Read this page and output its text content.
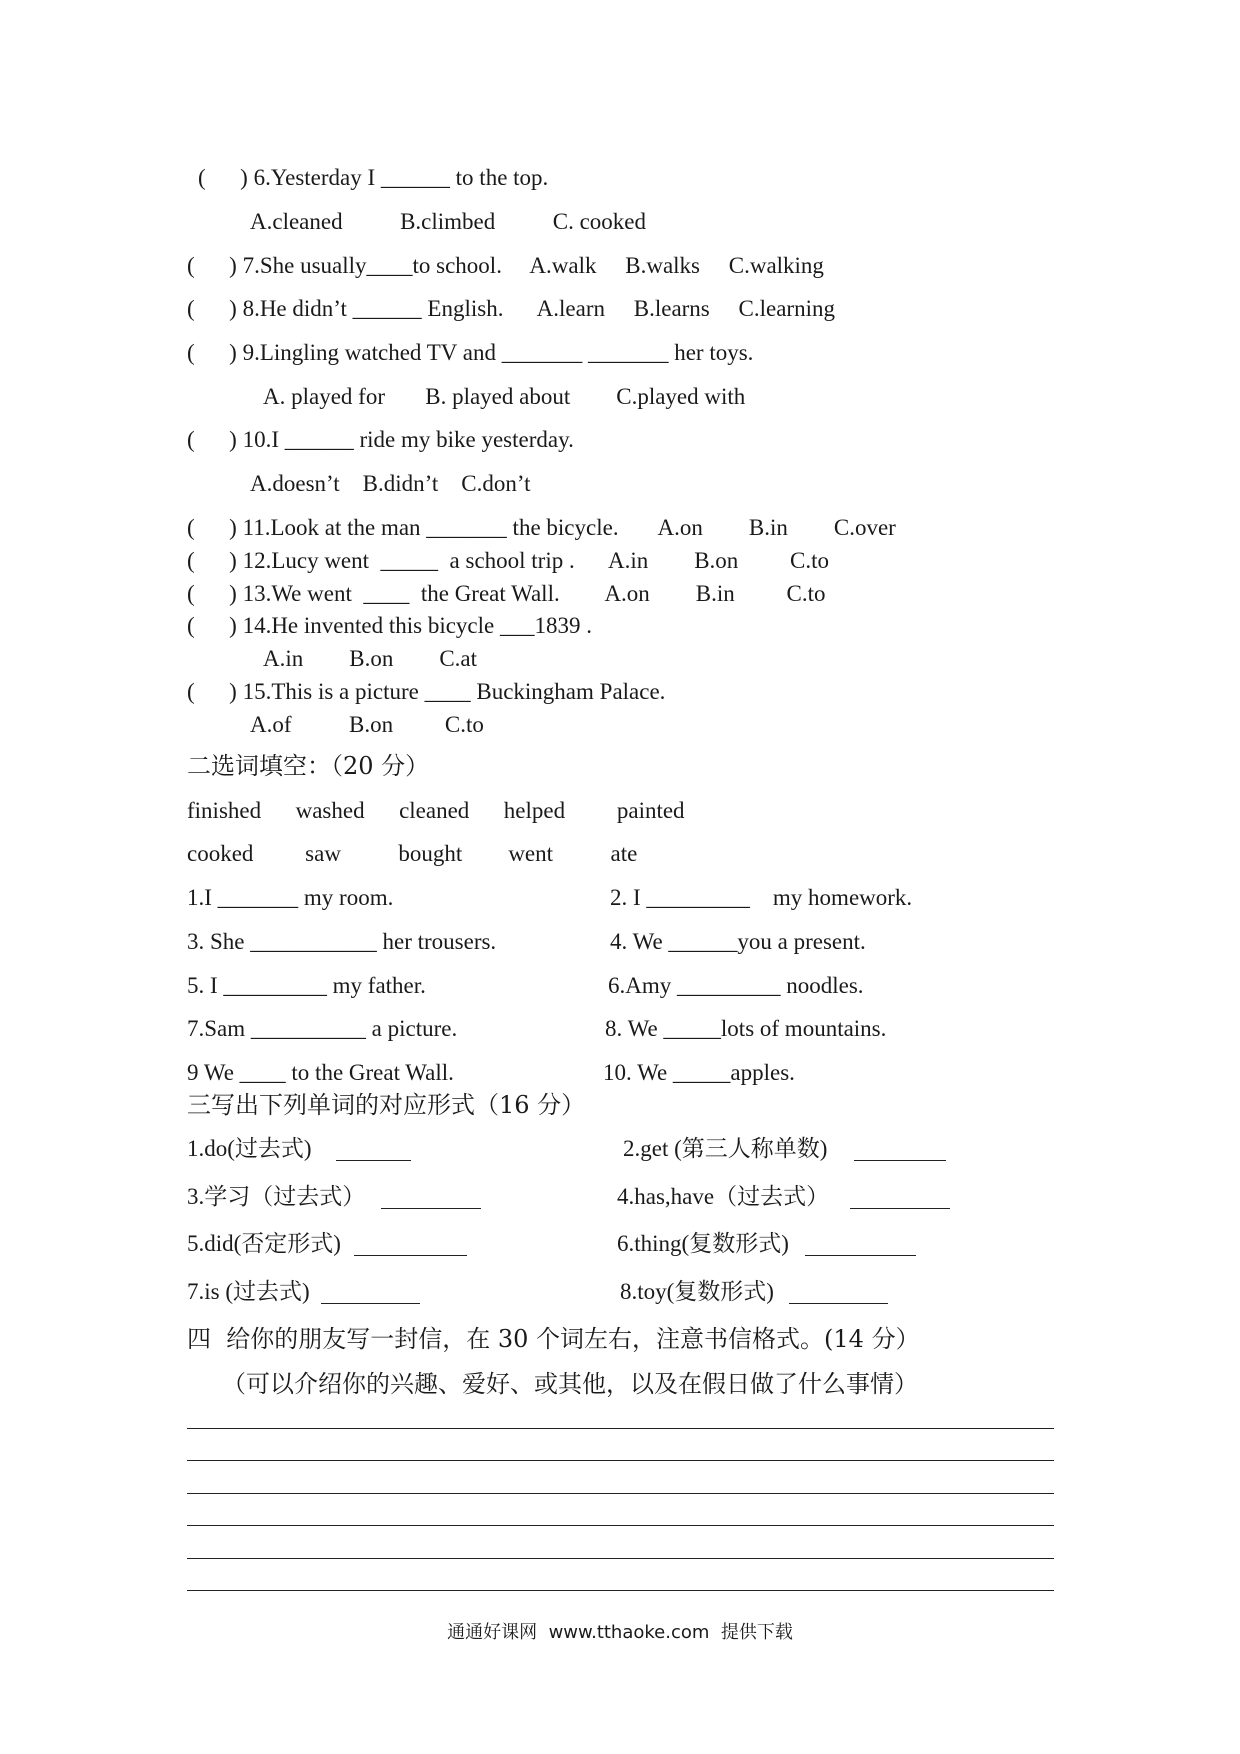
(      ) 6.Yesterday I ______ to the top.
A.cleaned          B.climbed          C. cooked
(      ) 7.She usually____to school.     A.walk     B.walks     C.walking
(      ) 8.He didn’t ______ English.      A.learn     B.learns     C.learning
(      ) 9.Lingling watched TV and _______ _______ her toys.
A. played for       B. played about        C.played with
(      ) 10.I ______ ride my bike yesterday.
A.doesn’t    B.didn’t    C.don’t
(      ) 11.Look at the man _______ the bicycle.       A.on        B.in        C.over
(      ) 12.Lucy went  _____  a school trip .      A.in        B.on         C.to
(      ) 13.We went  ____  the Great Wall.        A.on        B.in         C.to
(      ) 14.He invented this bicycle ___1839 .
A.in        B.on        C.at
(      ) 15.This is a picture ____ Buckingham Palace.
A.of          B.on         C.to
二选词填空：（20 分）
finished      washed      cleaned      helped         painted
cooked         saw          bought        went          ate
1.I _______ my room.	2. I _________    my homework.
3. She ___________ her trousers.	4. We ______you a present.
5. I _________ my father.	6.Amy _________ noodles.
7.Sam __________ a picture.	8. We _____lots of mountains.
9 We ____ to the Great Wall.	10. We _____apples.
三写出下列单词的对应形式（16 分）
1.do(过去式)	2.get (第三人称单数)
3.学习（过去式）	4.has,have（过去式）
5.did(否定形式)	6.thing(复数形式)
7.is (过去式)	8.toy(复数形式)
四  给你的朋友写一封信，在 30 个词左右，注意书信格式。(14 分）
（可以介绍你的兴趣、爱好、或其他，以及在假日做了什么事情）
通通好课网  www.tthaoke.com  提供下载
